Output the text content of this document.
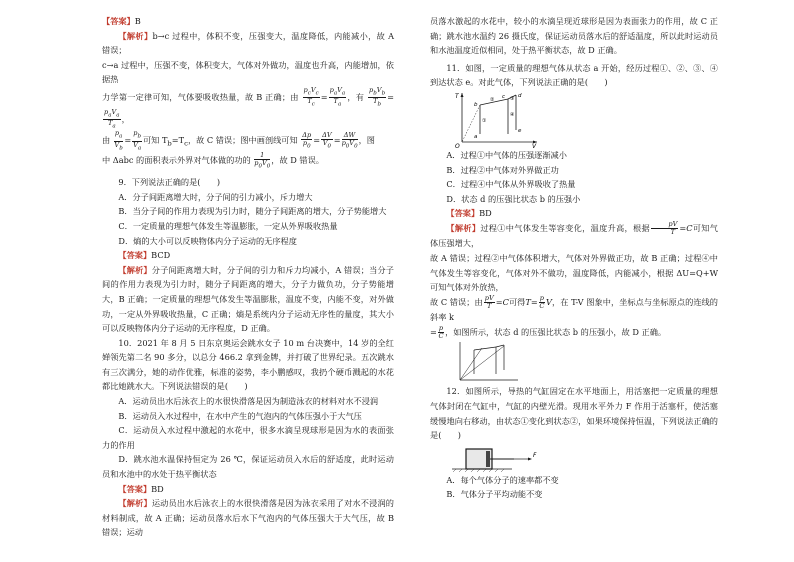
【答案】B

【解析】b→c 过程中，体积不变，压强变大，温度降低，内能减小，故 A 错误；

c→a 过程中，压强不变，体积变大，气体对外做功，温度也升高，内能增加，依据热

力学第一定律可知，气体要吸收热量，故 B 正确；由 $\frac{p_cV_c}{T_c} = \frac{p_aV_a}{T_a}$ ，有 $\frac{p_bV_b}{T_b}$ =
$\frac{p_aV_a}{T_a}$ ，

由 $\frac{p_a}{V_b} = \frac{p_b}{V_a}$ 可知 $T_b=T_c$，故 C 错误；图中画剖线可知 $\frac{\Delta p}{p_0} = \frac{\Delta V}{V_0} = \frac{\Delta W}{p_0V_0}$ ，图

中 Δabc 的面积表示外界对气体做的功的 $\frac{1}{p_0V_0}$ ，故 D 错误。

9．下列说法正确的是(　　)

A．分子间距离增大时，分子间的引力减小，斥力增大

B．当分子间的作用力表现为引力时，随分子间距离的增大，分子势能增大

C．一定质量的理想气体发生等温膨胀，一定从外界吸收热量

D．熵的大小可以反映物体内分子运动的无序程度

【答案】BCD

【解析】分子间距离增大时，分子间的引力和斥力均减小，A 错误；当分子间的作用力表现为引力时，随分子间距离的增大，分子力做负功，分子势能增大，B 正确；一定质量的理想气体发生等温膨胀，温度不变，内能不变，对外做功，一定从外界吸收热量，C 正确；熵是系统内分子运动无序性的量度，其大小可以反映物体内分子运动的无序程度，D 正确。

10．2021 年 8 月 5 日东京奥运会跳水女子 10 m 台决赛中，14 岁的全红婵领先第二名 90 多分，以总分 466.2 拿到金牌，并打破了世界纪录。五次跳水有三次满分，她的动作优雅，标准的姿势，李小鹏感叹，我扔个硬币溅起的水花都比她跳水大。下列说法错误的是(　　)

A．运动员出水后泳衣上的水很快滑落是因为制造泳衣的材料对水不浸润

B．运动员入水过程中，在水中产生的气泡内的气体压强小于大气压

C．运动员入水过程中激起的水花中，很多水滴呈现球形是因为水的表面张力的作用

D．跳水池水温保持恒定为 26 ℃，保证运动员入水后的舒适度，此时运动员和水池中的水处于热平衡状态

【答案】BD

【解析】运动员出水后泳衣上的水很快滑落是因为泳衣采用了对水不浸润的材料制成，故 A 正确；运动员落水后水下气泡内的气体压强大于大气压，故 B 错误；运动

员落水激起的水花中，较小的水滴呈现近球形是因为表面张力的作用，故 C 正确；跳水池水温约 26 摄氏度，保证运动员落水后的舒适温度，所以此时运动员和水池温度近似相同，处于热平衡状态，故 D 正确。

11．如图，一定质量的理想气体从状态 a 开始，经历过程①、②、③、④到达状态 e。对此气体，下列说法正确的是(　　)

T
V
O
a
b
c d
e
①
②	③
④

A．过程①中气体的压强逐渐减小

B．过程②中气体对外界做正功

C．过程④中气体从外界吸收了热量

D．状态 d 的压强比状态 b 的压强小

【答案】BD

【解析】过程①中气体发生等容变化，温度升高，根据 $\frac{pV}{T} =C$可知气体压强增大，

故 A 错误；过程②中气体体积增大，气体对外界做正功，故 B 正确；过程④中气体发生等容变化，气体对外不做功，温度降低，内能减小，根据 ΔU=Q+W 可知气体对外放热，

故 C 错误；由 $\frac{pV}{T} =C$可得$T= \frac{p}{C}$ V，在 T-V 图象中，坐标点与坐标原点的连线的斜率 k

= $\frac{p}{C}$ ，如图所示，状态 d 的压强比状态 b 的压强小，故 D 正确。

12．如图所示，导热的气缸固定在水平地面上，用活塞把一定质量的理想气体封闭在气缸中，气缸的内壁光滑。现用水平外力 F 作用于活塞杆，使活塞缓慢地向右移动，由状态①变化到状态②，如果环境保持恒温，下列说法正确的是(　　)

F

A．每个气体分子的速率都不变

B．气体分子平均动能不变
